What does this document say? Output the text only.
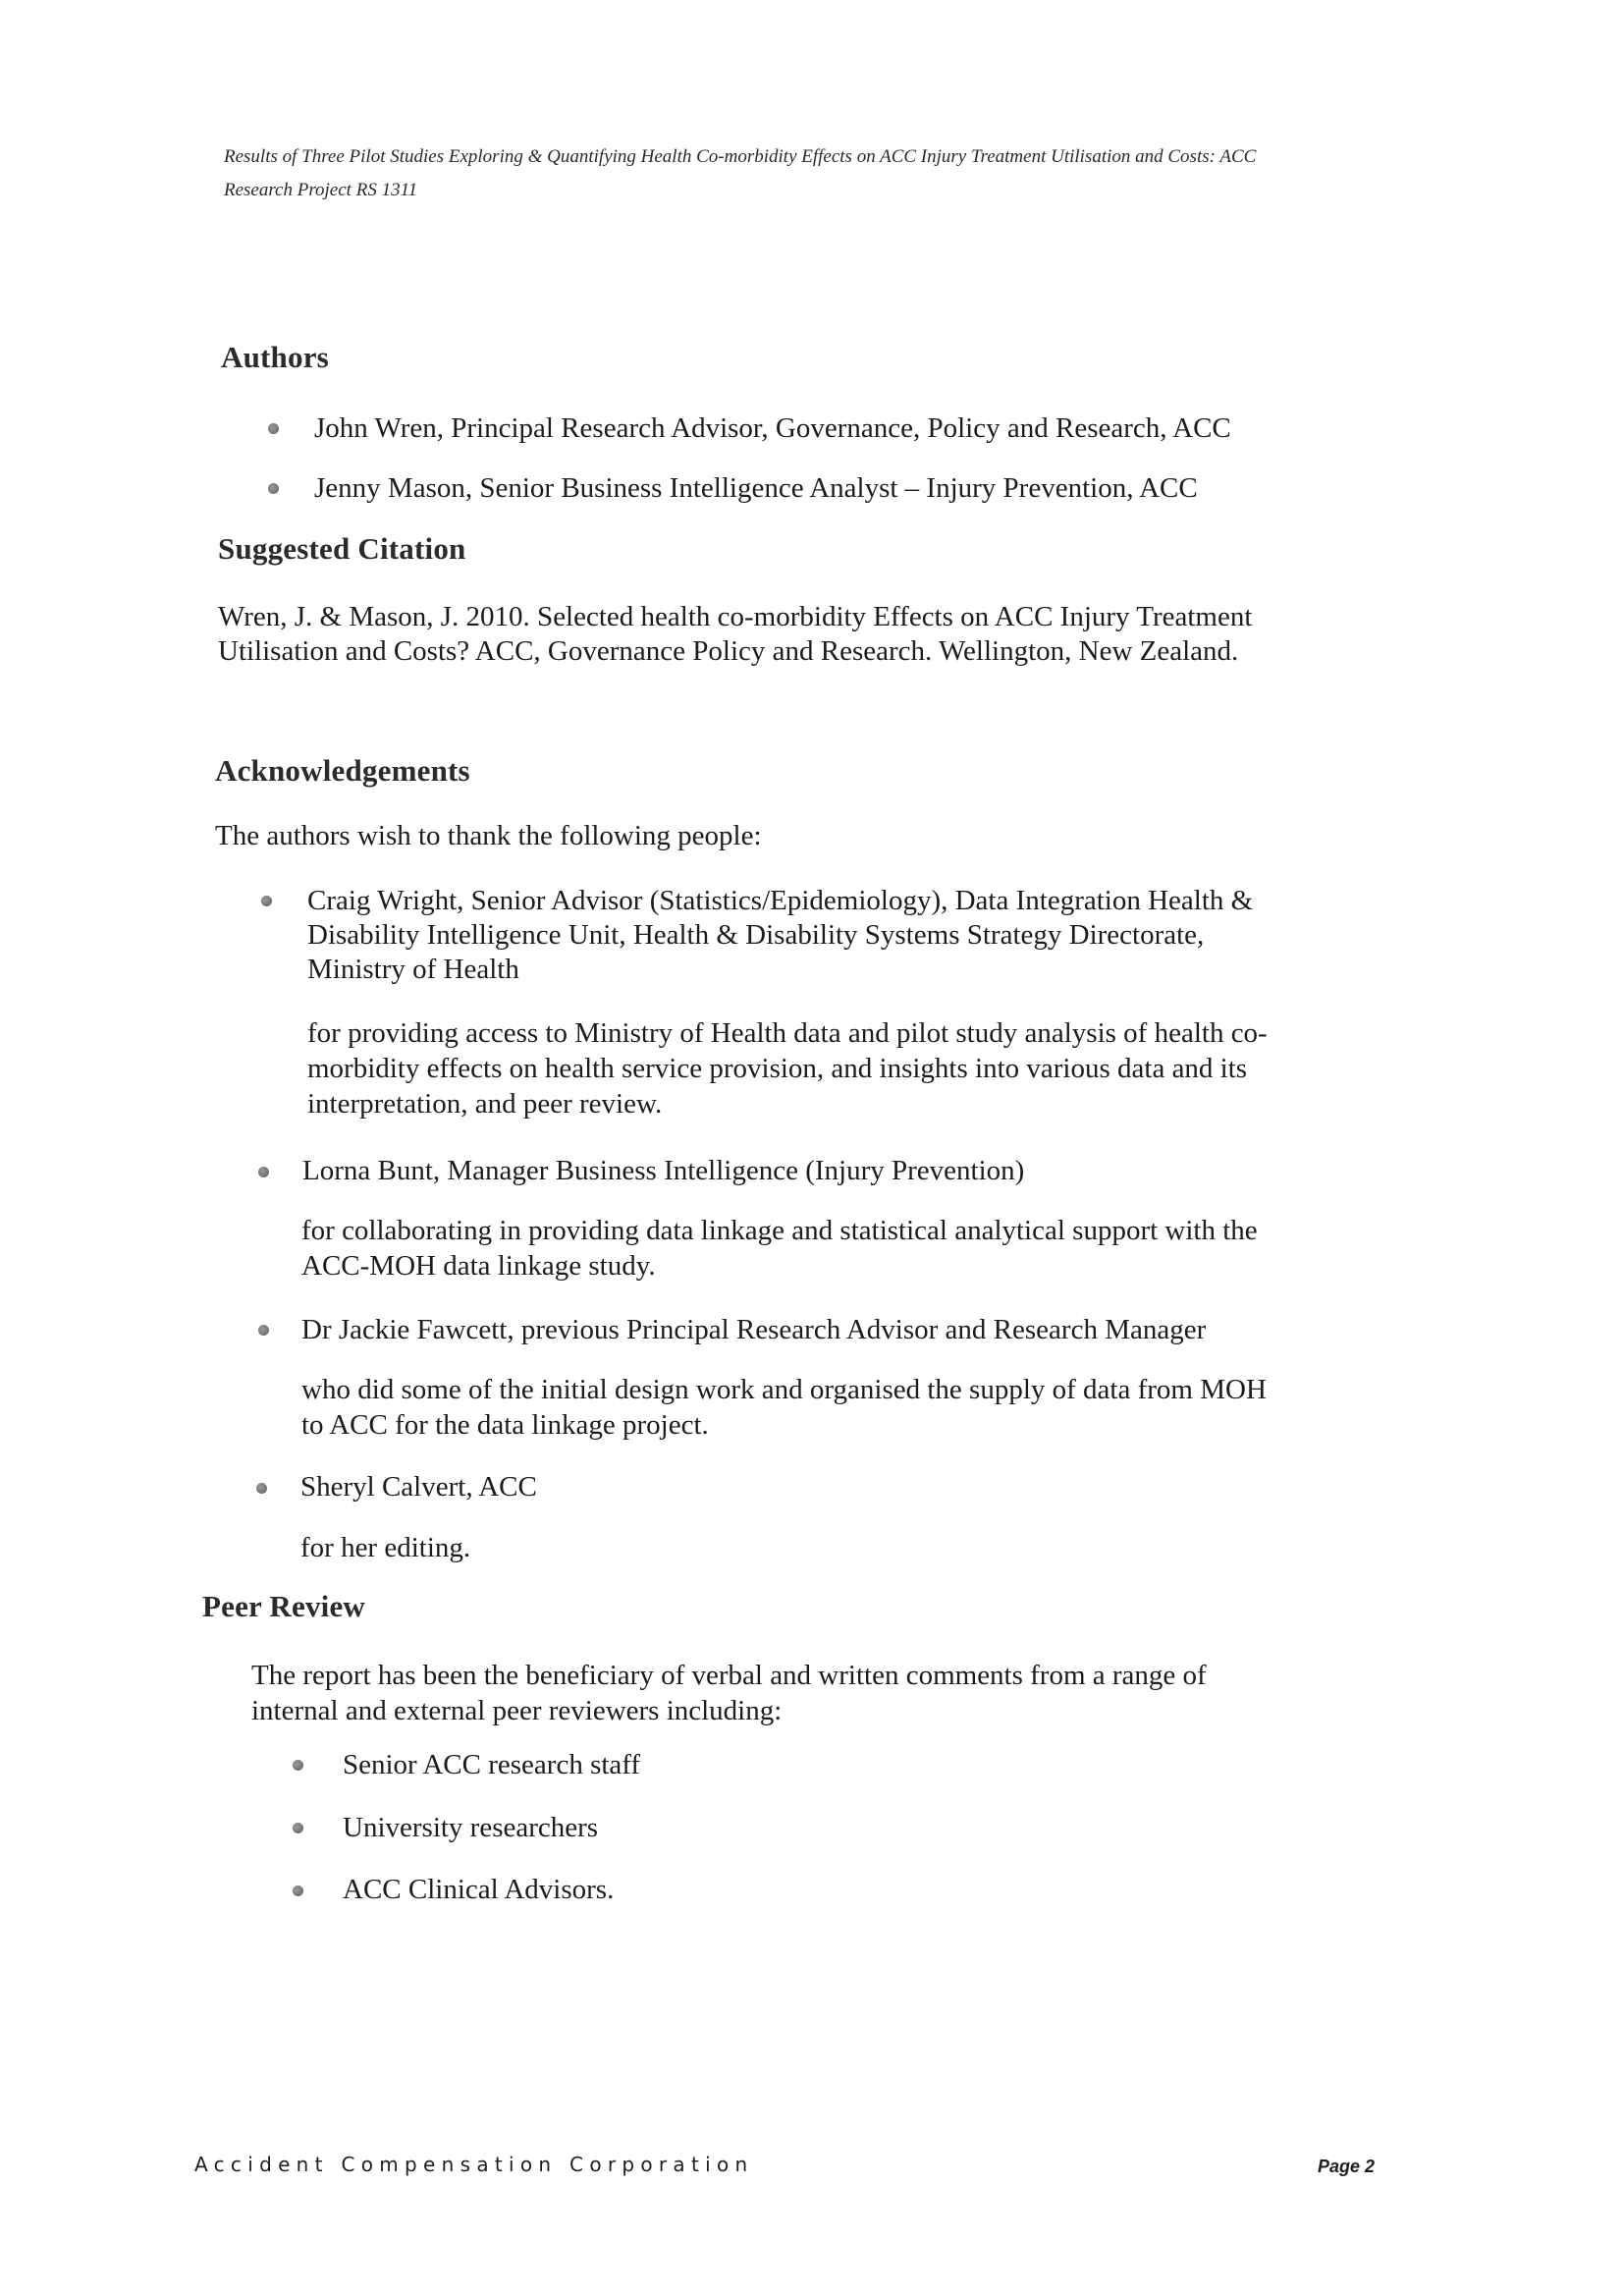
Results of Three Pilot Studies Exploring & Quantifying Health Co-morbidity Effects on ACC Injury Treatment Utilisation and Costs: ACC
Research Project RS 1311
Authors
John Wren, Principal Research Advisor, Governance, Policy and Research, ACC
Jenny Mason, Senior Business Intelligence Analyst – Injury Prevention, ACC
Suggested Citation
Wren, J. & Mason, J. 2010. Selected health co-morbidity Effects on ACC Injury Treatment
Utilisation and Costs? ACC, Governance Policy and Research. Wellington, New Zealand.
Acknowledgements
The authors wish to thank the following people:
Craig Wright, Senior Advisor (Statistics/Epidemiology), Data Integration Health &
Disability Intelligence Unit, Health & Disability Systems Strategy Directorate,
Ministry of Health
for providing access to Ministry of Health data and pilot study analysis of health co-
morbidity effects on health service provision, and insights into various data and its
interpretation, and peer review.
Lorna Bunt, Manager Business Intelligence (Injury Prevention)
for collaborating in providing data linkage and statistical analytical support with the
ACC-MOH data linkage study.
Dr Jackie Fawcett, previous Principal Research Advisor and Research Manager
who did some of the initial design work and organised the supply of data from MOH
to ACC for the data linkage project.
Sheryl Calvert, ACC
for her editing.
Peer Review
The report has been the beneficiary of verbal and written comments from a range of
internal and external peer reviewers including:
Senior ACC research staff
University researchers
ACC Clinical Advisors.
Accident Compensation Corporation	Page 2
